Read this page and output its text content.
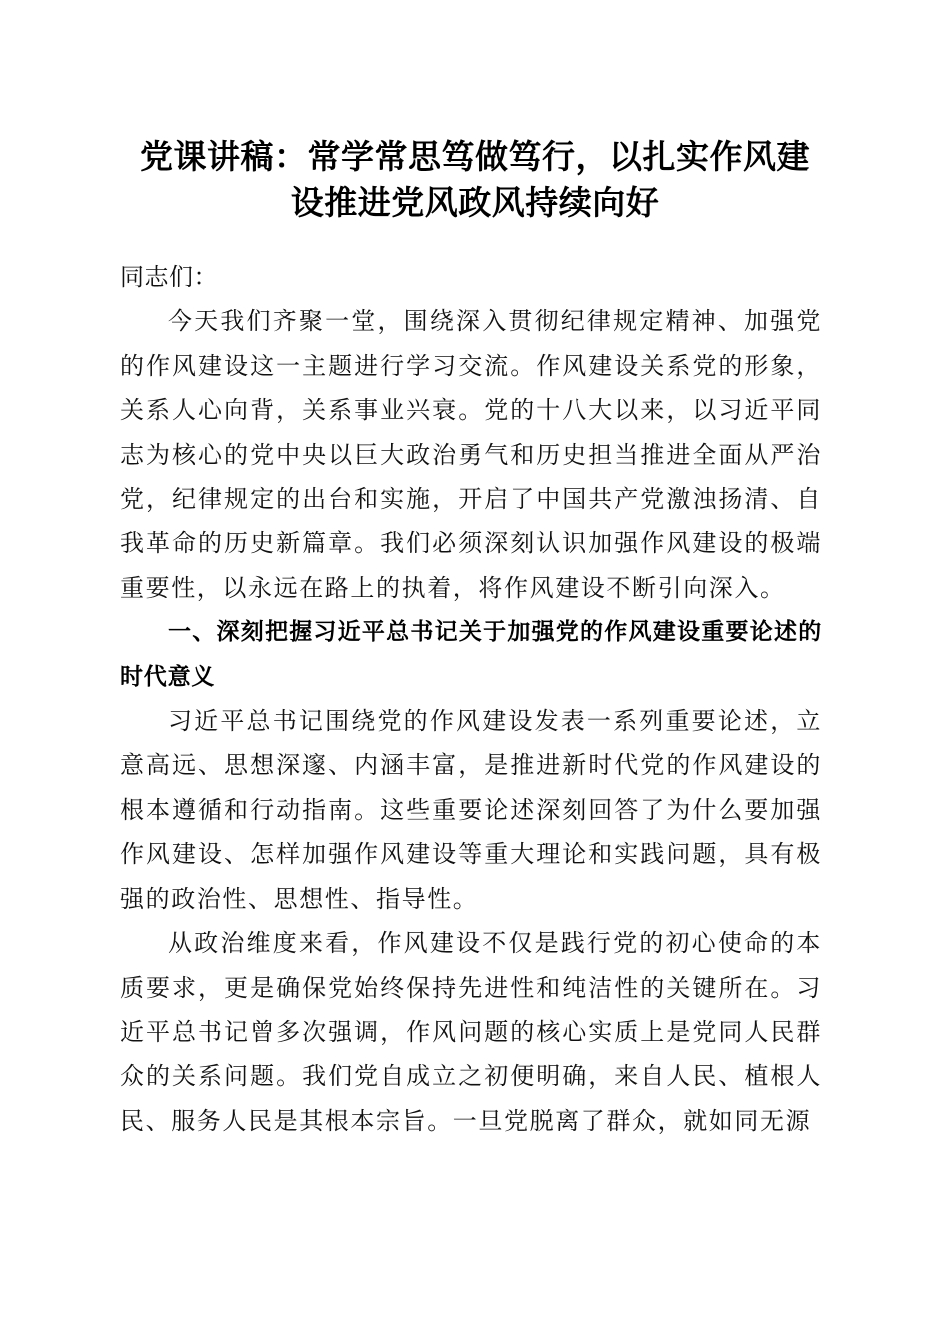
党课讲稿：常学常思笃做笃行，以扎实作风建
设推进党风政风持续向好

同志们：

今天我们齐聚一堂，围绕深入贯彻纪律规定精神、加强党的作风建设这一主题进行学习交流。作风建设关系党的形象，关系人心向背，关系事业兴衰。党的十八大以来，以习近平同志为核心的党中央以巨大政治勇气和历史担当推进全面从严治党，纪律规定的出台和实施，开启了中国共产党激浊扬清、自我革命的历史新篇章。我们必须深刻认识加强作风建设的极端重要性，以永远在路上的执着，将作风建设不断引向深入。

一、深刻把握习近平总书记关于加强党的作风建设重要论述的时代意义

习近平总书记围绕党的作风建设发表一系列重要论述，立意高远、思想深邃、内涵丰富，是推进新时代党的作风建设的根本遵循和行动指南。这些重要论述深刻回答了为什么要加强作风建设、怎样加强作风建设等重大理论和实践问题，具有极强的政治性、思想性、指导性。

从政治维度来看，作风建设不仅是践行党的初心使命的本质要求，更是确保党始终保持先进性和纯洁性的关键所在。习近平总书记曾多次强调，作风问题的核心实质上是党同人民群众的关系问题。我们党自成立之初便明确，来自人民、植根人民、服务人民是其根本宗旨。一旦党脱离了群众，就如同无源
